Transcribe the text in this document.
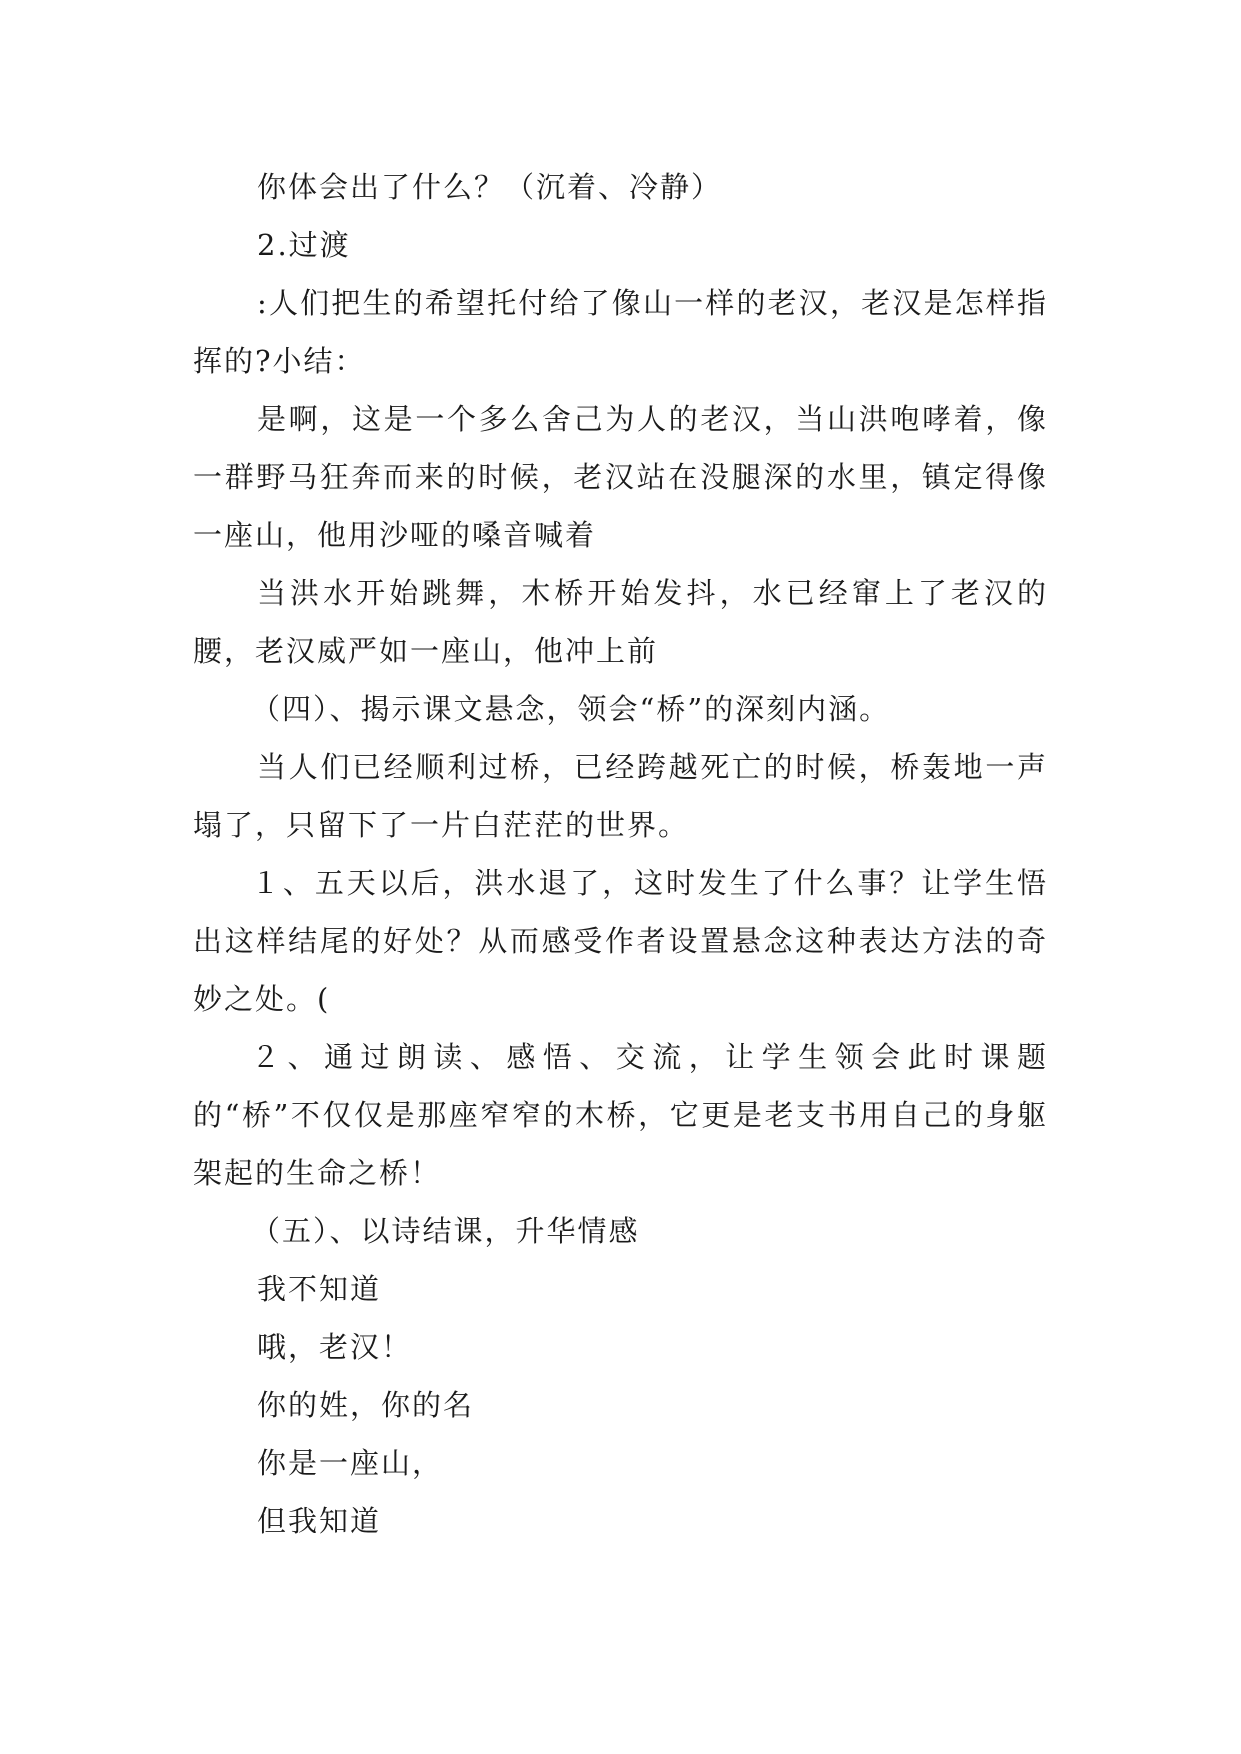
你体会出了什么？（沉着、冷静）

2.过渡

:人们把生的希望托付给了像山一样的老汉，老汉是怎样指挥的?小结：

是啊，这是一个多么舍己为人的老汉，当山洪咆哮着，像一群野马狂奔而来的时候，老汉站在没腿深的水里，镇定得像一座山，他用沙哑的嗓音喊着

当洪水开始跳舞，木桥开始发抖，水已经窜上了老汉的腰，老汉威严如一座山，他冲上前

（四）、揭示课文悬念，领会“桥”的深刻内涵。

当人们已经顺利过桥，已经跨越死亡的时候，桥轰地一声塌了，只留下了一片白茫茫的世界。

１、五天以后，洪水退了，这时发生了什么事？让学生悟出这样结尾的好处？从而感受作者设置悬念这种表达方法的奇妙之处。(

２、通过朗读、感悟、交流，让学生领会此时课题的“桥”不仅仅是那座窄窄的木桥，它更是老支书用自己的身躯架起的生命之桥！

（五）、以诗结课，升华情感

我不知道

哦，老汉！

你的姓，你的名

你是一座山，

但我知道
